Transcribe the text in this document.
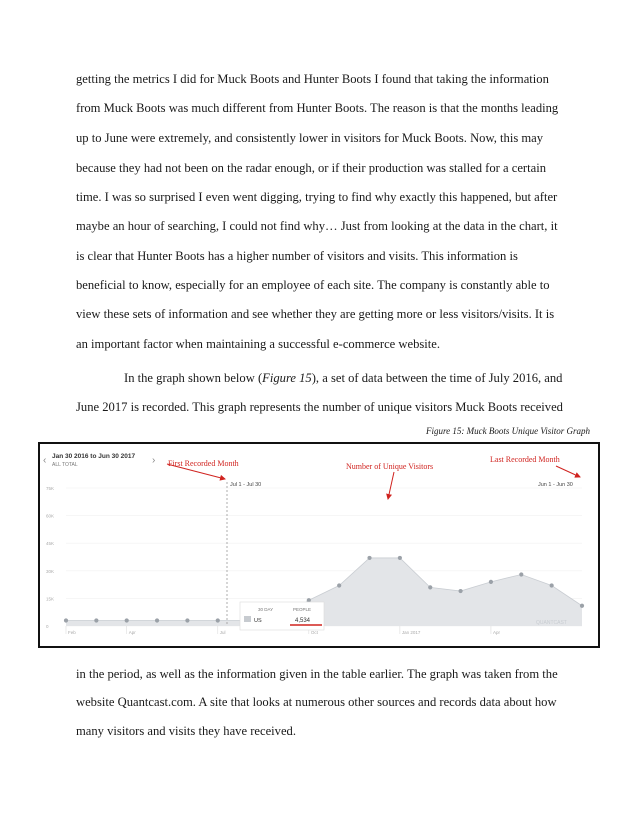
getting the metrics I did for Muck Boots and Hunter Boots I found that taking the information

from Muck Boots was much different from Hunter Boots. The reason is that the months leading

up to June were extremely, and consistently lower in visitors for Muck Boots. Now, this may

because they had not been on the radar enough, or if their production was stalled for a certain

time. I was so surprised I even went digging, trying to find why exactly this happened, but after

maybe an hour of searching, I could not find why… Just from looking at the data in the chart, it

is clear that Hunter Boots has a higher number of visitors and visits. This information is

beneficial to know, especially for an employee of each site. The company is constantly able to

view these sets of information and see whether they are getting more or less visitors/visits. It is

an important factor when maintaining a successful e-commerce website.

In the graph shown below (Figure 15), a set of data between the time of July 2016, and

June 2017 is recorded. This graph represents the number of unique visitors Muck Boots received

Figure 15: Muck Boots Unique Visitor Graph
Jan 30 2016 to Jun 30 2017
ALL TOTAL
‹	›
0
15K
30K
45K
60K
75K
Feb	Apr	Jul	Oct	Jan 2017	Apr
Jul 1 - Jul 30	Jun 1 - Jun 30
First Recorded Month	Number of Unique Visitors
Last Recorded Month
30 DAY
US
PEOPLE
4,534	QUANTCAST

in the period, as well as the information given in the table earlier. The graph was taken from the

website Quantcast.com. A site that looks at numerous other sources and records data about how

many visitors and visits they have received.
